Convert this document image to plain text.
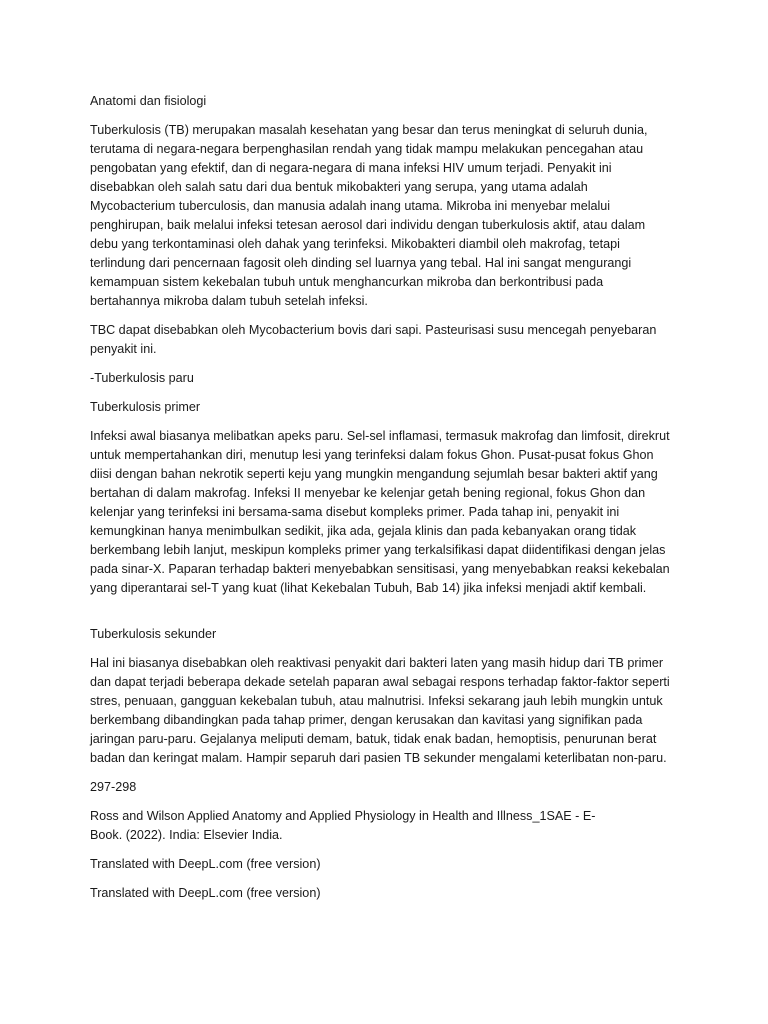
Anatomi dan fisiologi
Tuberkulosis (TB) merupakan masalah kesehatan yang besar dan terus meningkat di seluruh dunia,
terutama di negara-negara berpenghasilan rendah yang tidak mampu melakukan pencegahan atau
pengobatan yang efektif, dan di negara-negara di mana infeksi HIV umum terjadi. Penyakit ini
disebabkan oleh salah satu dari dua bentuk mikobakteri yang serupa, yang utama adalah
Mycobacterium tuberculosis, dan manusia adalah inang utama. Mikroba ini menyebar melalui
penghirupan, baik melalui infeksi tetesan aerosol dari individu dengan tuberkulosis aktif, atau dalam
debu yang terkontaminasi oleh dahak yang terinfeksi. Mikobakteri diambil oleh makrofag, tetapi
terlindung dari pencernaan fagosit oleh dinding sel luarnya yang tebal. Hal ini sangat mengurangi
kemampuan sistem kekebalan tubuh untuk menghancurkan mikroba dan berkontribusi pada
bertahannya mikroba dalam tubuh setelah infeksi.
TBC dapat disebabkan oleh Mycobacterium bovis dari sapi. Pasteurisasi susu mencegah penyebaran
penyakit ini.
-Tuberkulosis paru
Tuberkulosis primer
Infeksi awal biasanya melibatkan apeks paru. Sel-sel inflamasi, termasuk makrofag dan limfosit, direkrut
untuk mempertahankan diri, menutup lesi yang terinfeksi dalam fokus Ghon. Pusat-pusat fokus Ghon
diisi dengan bahan nekrotik seperti keju yang mungkin mengandung sejumlah besar bakteri aktif yang
bertahan di dalam makrofag. Infeksi II menyebar ke kelenjar getah bening regional, fokus Ghon dan
kelenjar yang terinfeksi ini bersama-sama disebut kompleks primer. Pada tahap ini, penyakit ini
kemungkinan hanya menimbulkan sedikit, jika ada, gejala klinis dan pada kebanyakan orang tidak
berkembang lebih lanjut, meskipun kompleks primer yang terkalsifikasi dapat diidentifikasi dengan jelas
pada sinar-X. Paparan terhadap bakteri menyebabkan sensitisasi, yang menyebabkan reaksi kekebalan
yang diperantarai sel-T yang kuat (lihat Kekebalan Tubuh, Bab 14) jika infeksi menjadi aktif kembali.
Tuberkulosis sekunder
Hal ini biasanya disebabkan oleh reaktivasi penyakit dari bakteri laten yang masih hidup dari TB primer
dan dapat terjadi beberapa dekade setelah paparan awal sebagai respons terhadap faktor-faktor seperti
stres, penuaan, gangguan kekebalan tubuh, atau malnutrisi. Infeksi sekarang jauh lebih mungkin untuk
berkembang dibandingkan pada tahap primer, dengan kerusakan dan kavitasi yang signifikan pada
jaringan paru-paru. Gejalanya meliputi demam, batuk, tidak enak badan, hemoptisis, penurunan berat
badan dan keringat malam. Hampir separuh dari pasien TB sekunder mengalami keterlibatan non-paru.
297-298
Ross and Wilson Applied Anatomy and Applied Physiology in Health and Illness_1SAE - E-
Book. (2022). India: Elsevier India.
Translated with DeepL.com (free version)
Translated with DeepL.com (free version)
